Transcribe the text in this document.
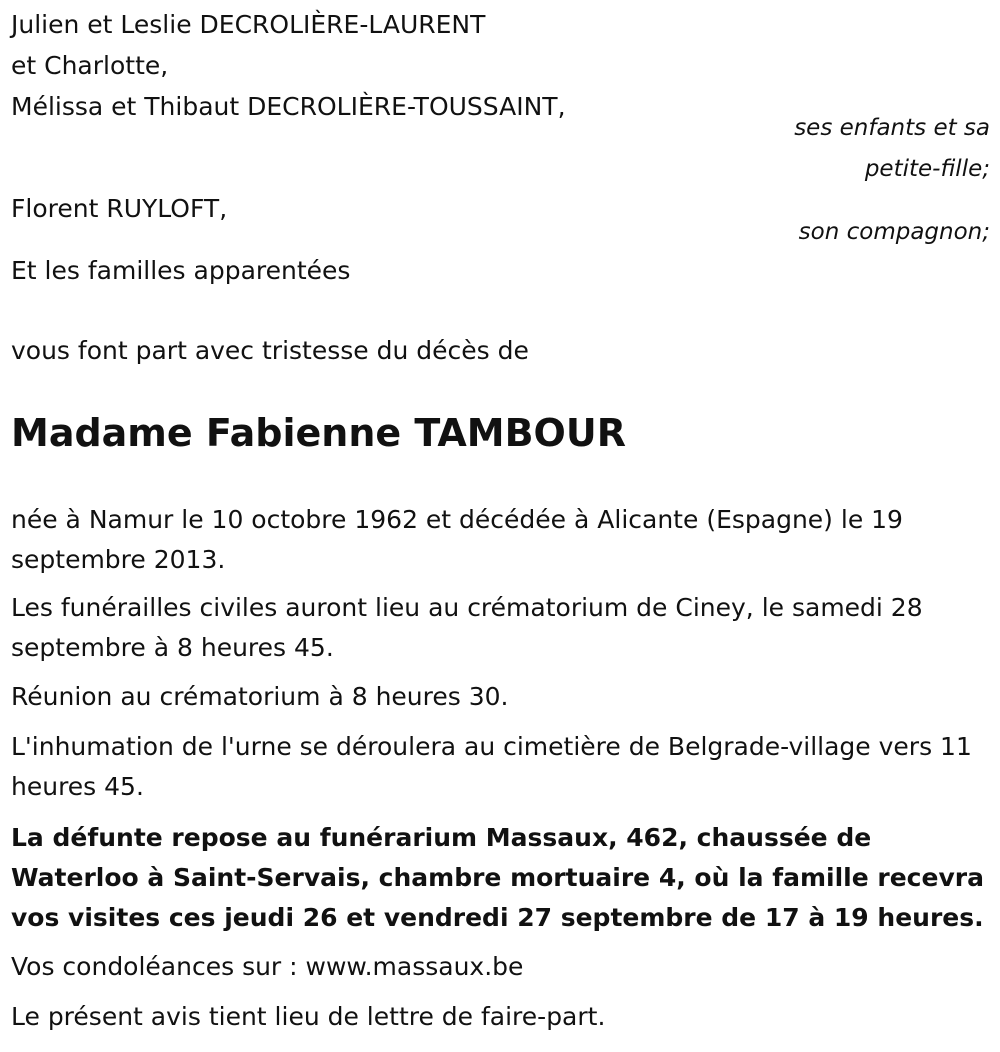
Julien et Leslie DECROLIÈRE-LAURENT
et Charlotte,
Mélissa et Thibaut DECROLIÈRE-TOUSSAINT,
ses enfants et sa
petite-fille;
Florent RUYLOFT,
son compagnon;
Et les familles apparentées
vous font part avec tristesse du décès de
Madame Fabienne TAMBOUR
née à Namur le 10 octobre 1962 et décédée à Alicante (Espagne) le 19 septembre 2013.
Les funérailles civiles auront lieu au crématorium de Ciney, le samedi 28 septembre à 8 heures 45.
Réunion au crématorium à 8 heures 30.
L'inhumation de l'urne se déroulera au cimetière de Belgrade-village vers 11 heures 45.
La défunte repose au funérarium Massaux, 462, chaussée de Waterloo à Saint-Servais, chambre mortuaire 4, où la famille recevra vos visites ces jeudi 26 et vendredi 27 septembre de 17 à 19 heures.
Vos condoléances sur : www.massaux.be
Le présent avis tient lieu de lettre de faire-part.
